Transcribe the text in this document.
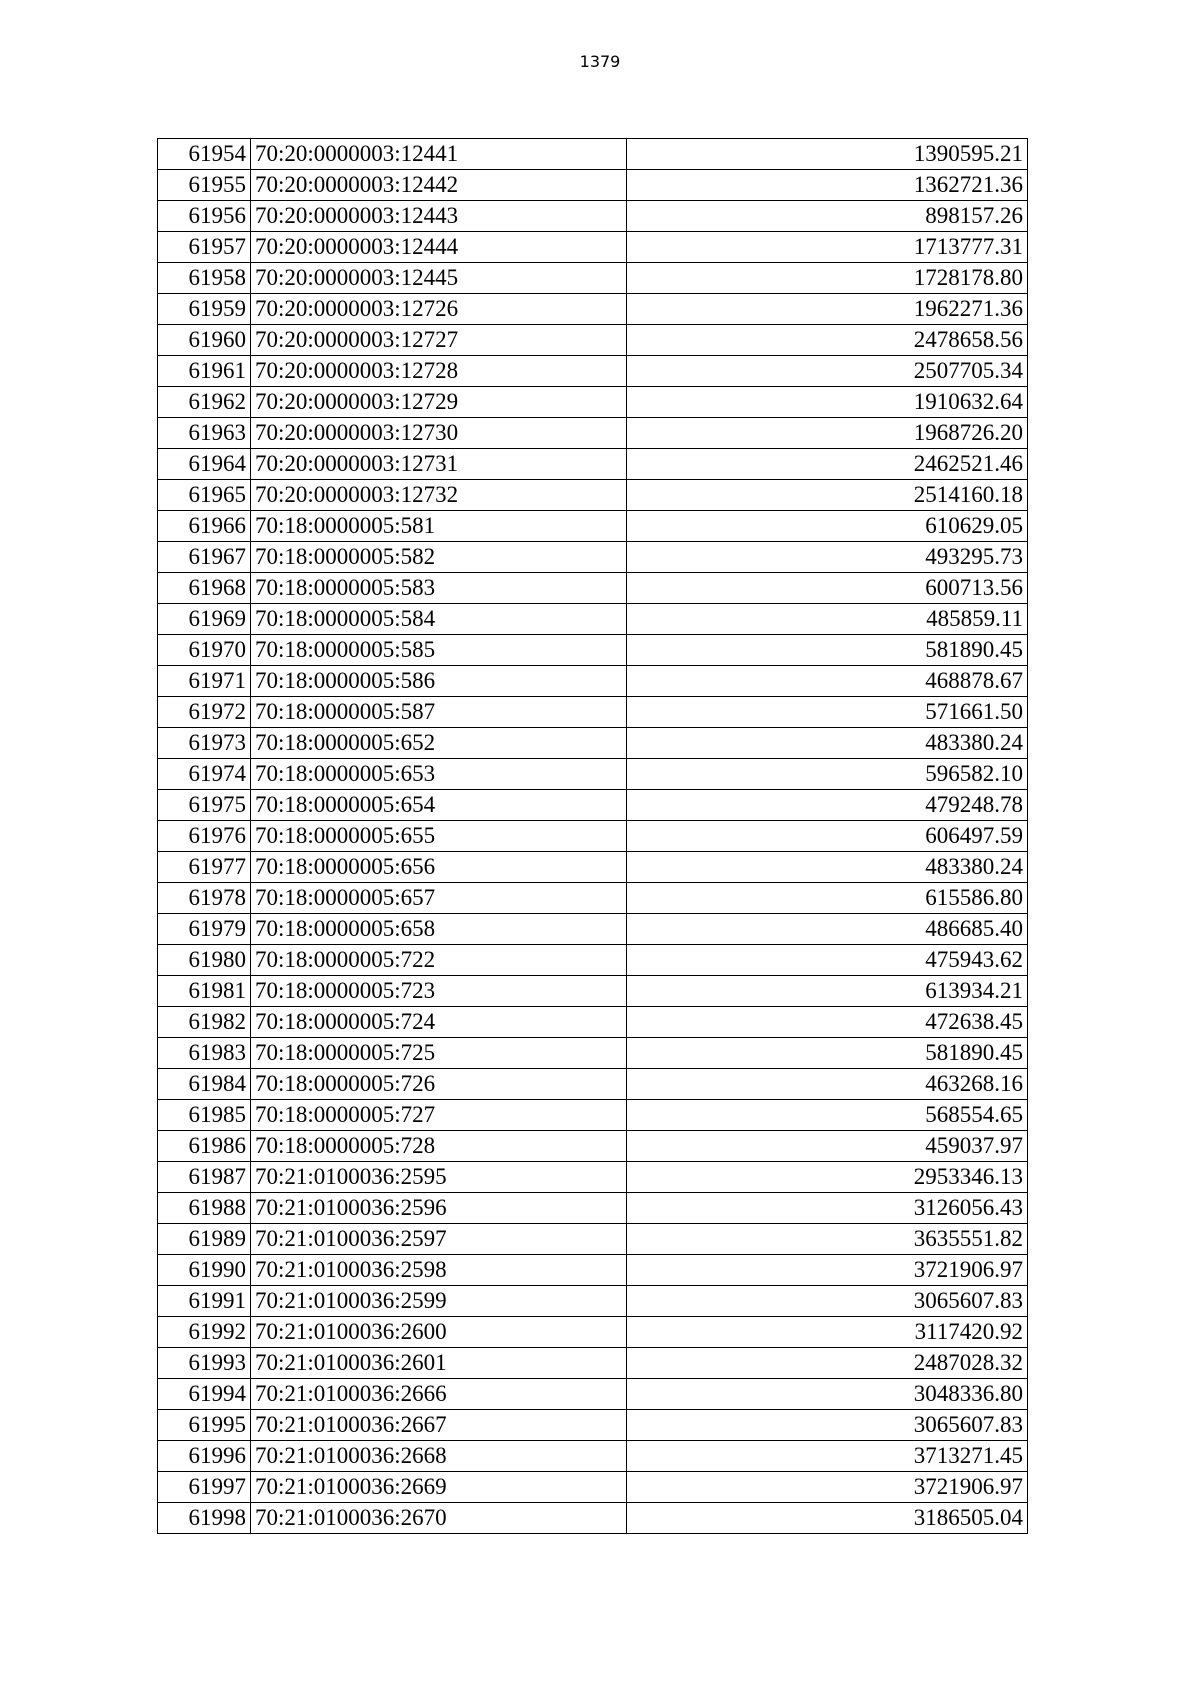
1379
61954	70:20:0000003:12441	1390595.21
61955	70:20:0000003:12442	1362721.36
61956	70:20:0000003:12443	898157.26
61957	70:20:0000003:12444	1713777.31
61958	70:20:0000003:12445	1728178.80
61959	70:20:0000003:12726	1962271.36
61960	70:20:0000003:12727	2478658.56
61961	70:20:0000003:12728	2507705.34
61962	70:20:0000003:12729	1910632.64
61963	70:20:0000003:12730	1968726.20
61964	70:20:0000003:12731	2462521.46
61965	70:20:0000003:12732	2514160.18
61966	70:18:0000005:581	610629.05
61967	70:18:0000005:582	493295.73
61968	70:18:0000005:583	600713.56
61969	70:18:0000005:584	485859.11
61970	70:18:0000005:585	581890.45
61971	70:18:0000005:586	468878.67
61972	70:18:0000005:587	571661.50
61973	70:18:0000005:652	483380.24
61974	70:18:0000005:653	596582.10
61975	70:18:0000005:654	479248.78
61976	70:18:0000005:655	606497.59
61977	70:18:0000005:656	483380.24
61978	70:18:0000005:657	615586.80
61979	70:18:0000005:658	486685.40
61980	70:18:0000005:722	475943.62
61981	70:18:0000005:723	613934.21
61982	70:18:0000005:724	472638.45
61983	70:18:0000005:725	581890.45
61984	70:18:0000005:726	463268.16
61985	70:18:0000005:727	568554.65
61986	70:18:0000005:728	459037.97
61987	70:21:0100036:2595	2953346.13
61988	70:21:0100036:2596	3126056.43
61989	70:21:0100036:2597	3635551.82
61990	70:21:0100036:2598	3721906.97
61991	70:21:0100036:2599	3065607.83
61992	70:21:0100036:2600	3117420.92
61993	70:21:0100036:2601	2487028.32
61994	70:21:0100036:2666	3048336.80
61995	70:21:0100036:2667	3065607.83
61996	70:21:0100036:2668	3713271.45
61997	70:21:0100036:2669	3721906.97
61998	70:21:0100036:2670	3186505.04
